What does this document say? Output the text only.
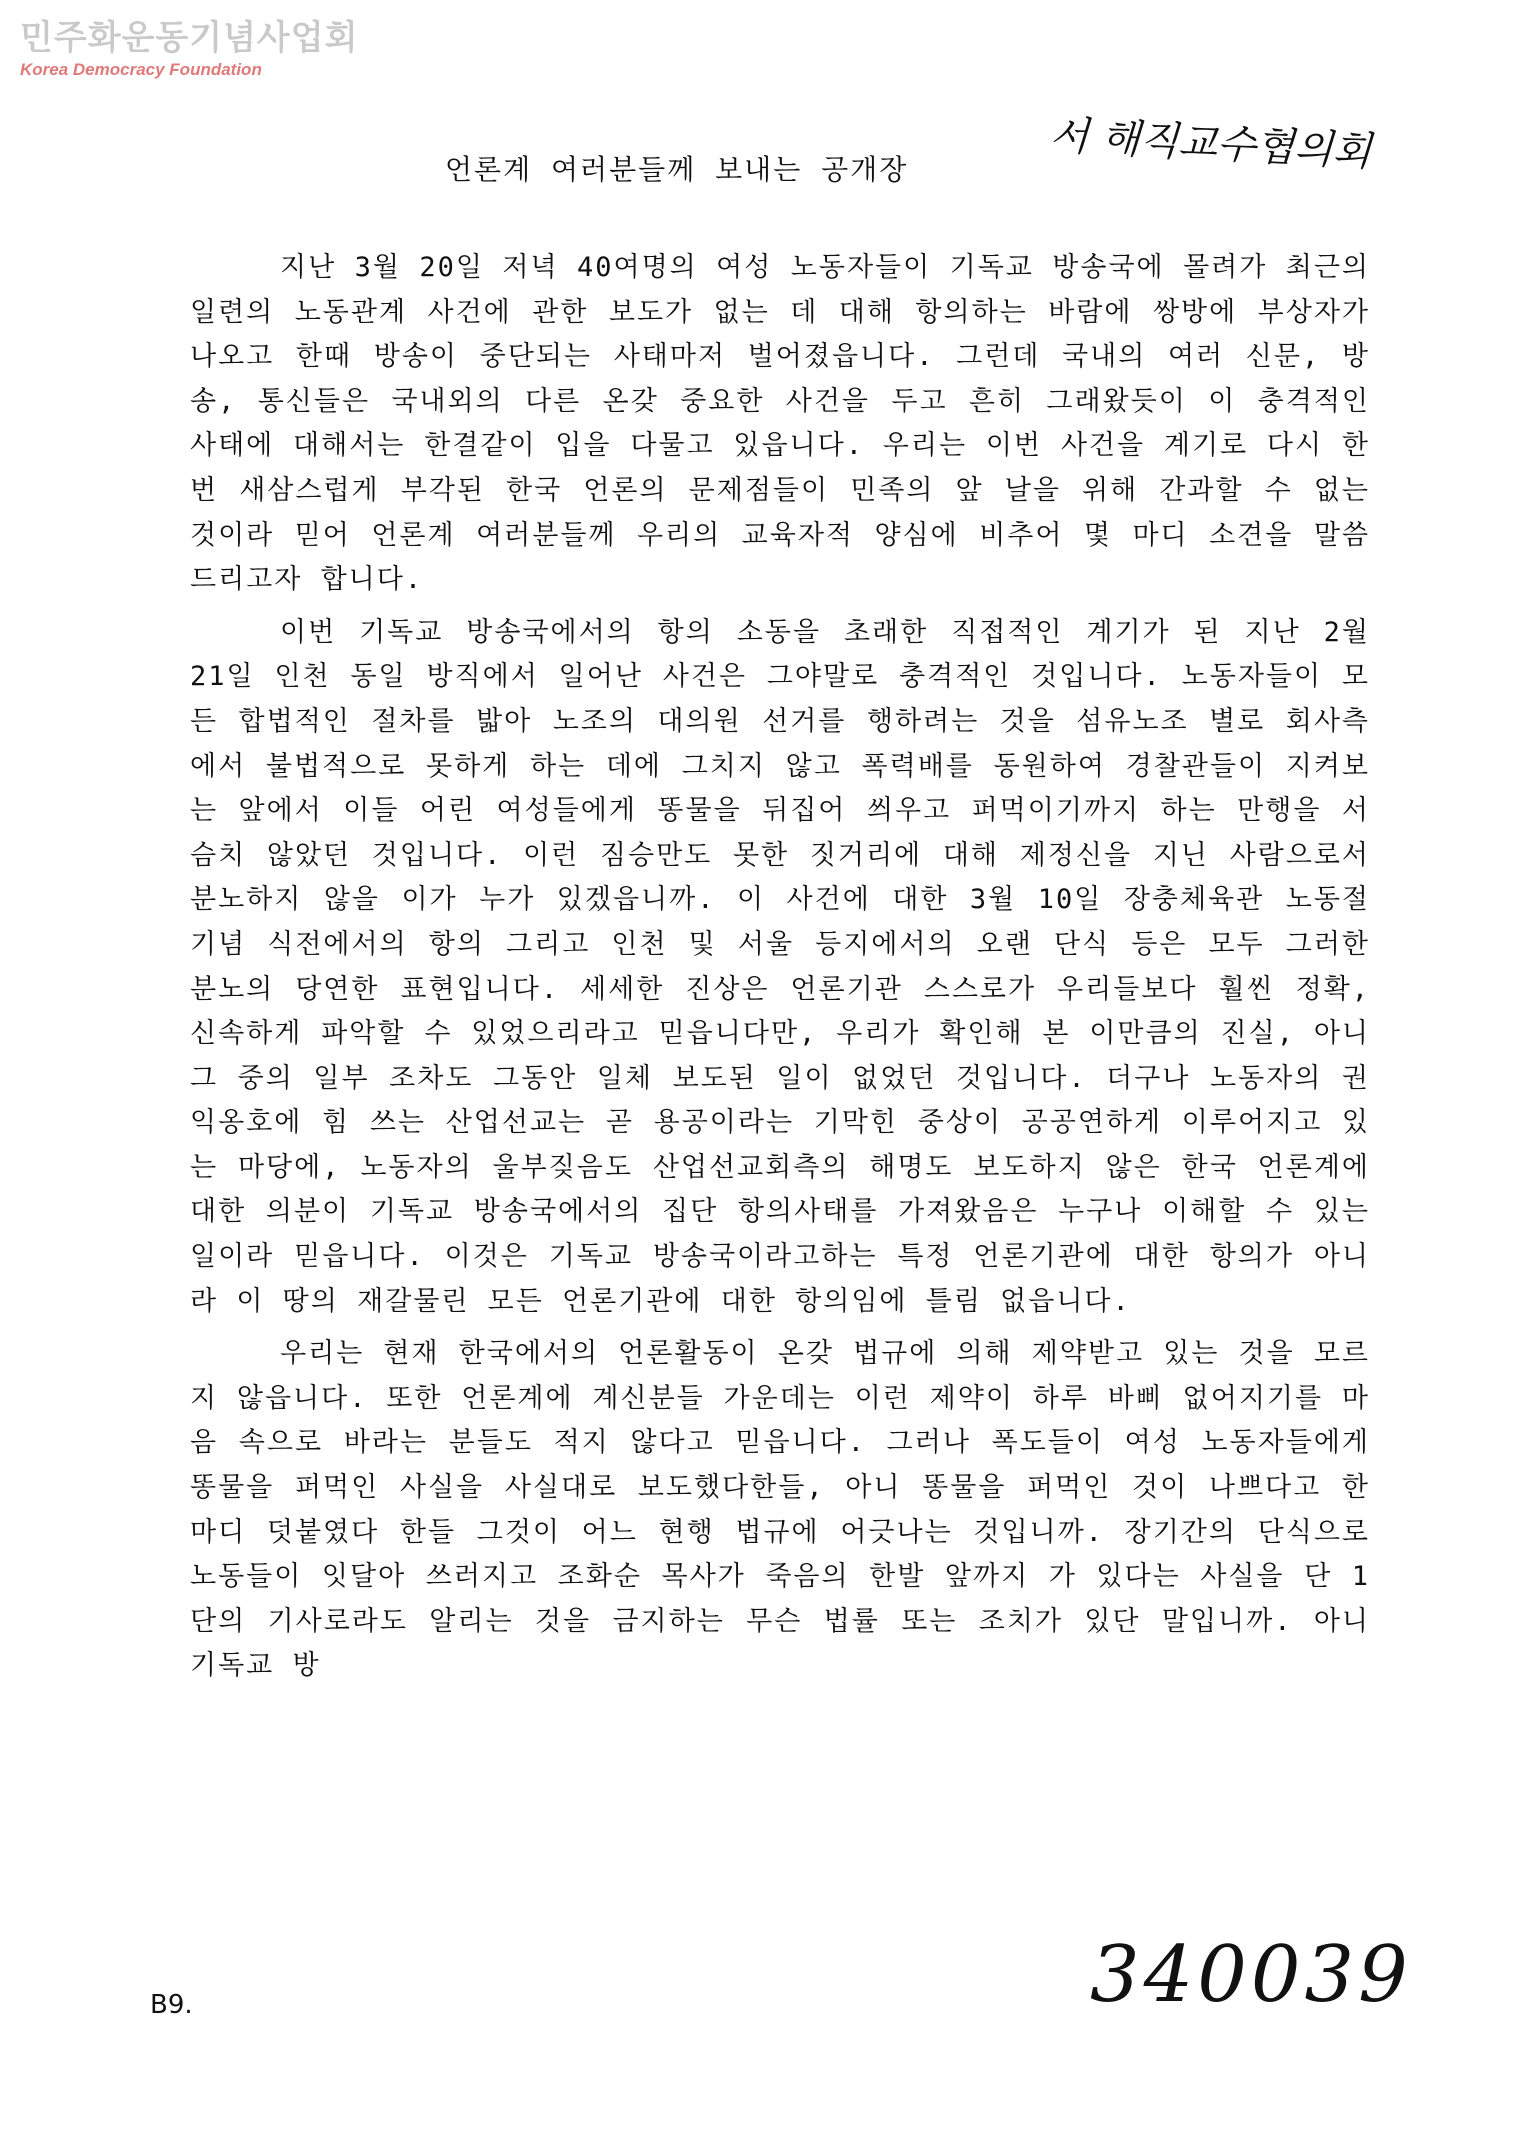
민주화운동기념사업회
Korea Democracy Foundation
언론계 여러분들께 보내는 공개장	서 해직교수협의회

지난 3월 20일 저녁 40여명의 여성 노동자들이 기독교 방송국에 몰려가 최근의 일련의 노동관계 사건에 관한 보도가 없는 데 대해 항의하는 바람에 쌍방에 부상자가 나오고 한때 방송이 중단되는 사태마저 벌어졌읍니다. 그런데 국내의 여러 신문, 방송, 통신들은 국내외의 다른 온갖 중요한 사건을 두고 흔히 그래왔듯이 이 충격적인 사태에 대해서는 한결같이 입을 다물고 있읍니다. 우리는 이번 사건을 계기로 다시 한 번 새삼스럽게 부각된 한국 언론의 문제점들이 민족의 앞 날을 위해 간과할 수 없는 것이라 믿어 언론계 여러분들께 우리의 교육자적 양심에 비추어 몇 마디 소견을 말씀드리고자 합니다.

이번 기독교 방송국에서의 항의 소동을 초래한 직접적인 계기가 된 지난 2월 21일 인천 동일 방직에서 일어난 사건은 그야말로 충격적인 것입니다. 노동자들이 모든 합법적인 절차를 밟아 노조의 대의원 선거를 행하려는 것을 섬유노조 별로 회사측에서 불법적으로 못하게 하는 데에 그치지 않고 폭력배를 동원하여 경찰관들이 지켜보는 앞에서 이들 어린 여성들에게 똥물을 뒤집어 씌우고 퍼먹이기까지 하는 만행을 서슴치 않았던 것입니다. 이런 짐승만도 못한 짓거리에 대해 제정신을 지닌 사람으로서 분노하지 않을 이가 누가 있겠읍니까. 이 사건에 대한 3월 10일 장충체육관 노동절 기념 식전에서의 항의 그리고 인천 및 서울 등지에서의 오랜 단식 등은 모두 그러한 분노의 당연한 표현입니다. 세세한 진상은 언론기관 스스로가 우리들보다 훨씬 정확, 신속하게 파악할 수 있었으리라고 믿읍니다만, 우리가 확인해 본 이만큼의 진실, 아니 그 중의 일부 조차도 그동안 일체 보도된 일이 없었던 것입니다. 더구나 노동자의 권익옹호에 힘 쓰는 산업선교는 곧 용공이라는 기막힌 중상이 공공연하게 이루어지고 있는 마당에, 노동자의 울부짖음도 산업선교회측의 해명도 보도하지 않은 한국 언론계에 대한 의분이 기독교 방송국에서의 집단 항의사태를 가져왔음은 누구나 이해할 수 있는 일이라 믿읍니다. 이것은 기독교 방송국이라고하는 특정 언론기관에 대한 항의가 아니라 이 땅의 재갈물린 모든 언론기관에 대한 항의임에 틀림 없읍니다.

우리는 현재 한국에서의 언론활동이 온갖 법규에 의해 제약받고 있는 것을 모르지 않읍니다. 또한 언론계에 계신분들 가운데는 이런 제약이 하루 바삐 없어지기를 마음 속으로 바라는 분들도 적지 않다고 믿읍니다. 그러나 폭도들이 여성 노동자들에게 똥물을 퍼먹인 사실을 사실대로 보도했다한들, 아니 똥물을 퍼먹인 것이 나쁘다고 한마디 덧붙였다 한들 그것이 어느 현행 법규에 어긋나는 것입니까. 장기간의 단식으로 노동들이 잇달아 쓰러지고 조화순 목사가 죽음의 한발 앞까지 가 있다는 사실을 단 1단의 기사로라도 알리는 것을 금지하는 무슨 법률 또는 조치가 있단 말입니까. 아니 기독교 방

B9.	340039
